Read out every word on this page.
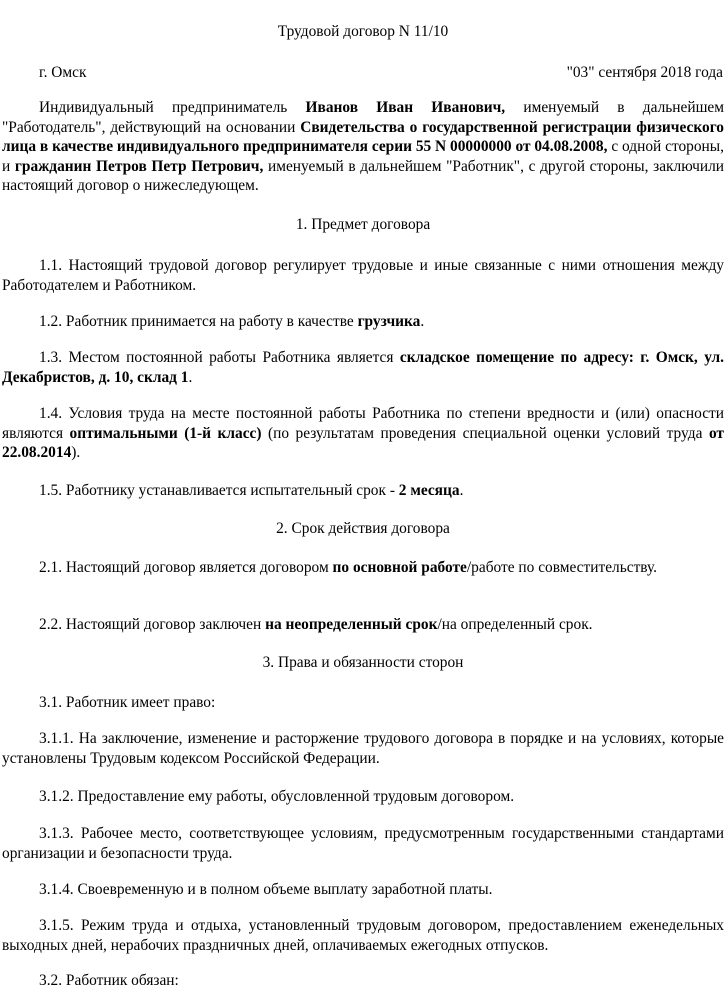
Трудовой договор N 11/10
г. Омск	"03" сентября 2018 года

Индивидуальный предприниматель Иванов Иван Иванович, именуемый в дальнейшем "Работодатель", действующий на основании Свидетельства о государственной регистрации физического лица в качестве индивидуального предпринимателя серии 55 N 00000000 от 04.08.2008, с одной стороны, и гражданин Петров Петр Петрович, именуемый в дальнейшем "Работник", с другой стороны, заключили настоящий договор о нижеследующем.

1. Предмет договора

1.1. Настоящий трудовой договор регулирует трудовые и иные связанные с ними отношения между Работодателем и Работником.

1.2. Работник принимается на работу в качестве грузчика.

1.3. Местом постоянной работы Работника является складское помещение по адресу: г. Омск, ул. Декабристов, д. 10, склад 1.

1.4. Условия труда на месте постоянной работы Работника по степени вредности и (или) опасности являются оптимальными (1-й класс) (по результатам проведения специальной оценки условий труда от 22.08.2014).

1.5. Работнику устанавливается испытательный срок - 2 месяца.

2. Срок действия договора

2.1. Настоящий договор является договором по основной работе/работе по совместительству.

2.2. Настоящий договор заключен на неопределенный срок/на определенный срок.

3. Права и обязанности сторон

3.1. Работник имеет право:

3.1.1. На заключение, изменение и расторжение трудового договора в порядке и на условиях, которые установлены Трудовым кодексом Российской Федерации.

3.1.2. Предоставление ему работы, обусловленной трудовым договором.

3.1.3. Рабочее место, соответствующее условиям, предусмотренным государственными стандартами организации и безопасности труда.

3.1.4. Своевременную и в полном объеме выплату заработной платы.

3.1.5. Режим труда и отдыха, установленный трудовым договором, предоставлением еженедельных выходных дней, нерабочих праздничных дней, оплачиваемых ежегодных отпусков.

3.2. Работник обязан:
